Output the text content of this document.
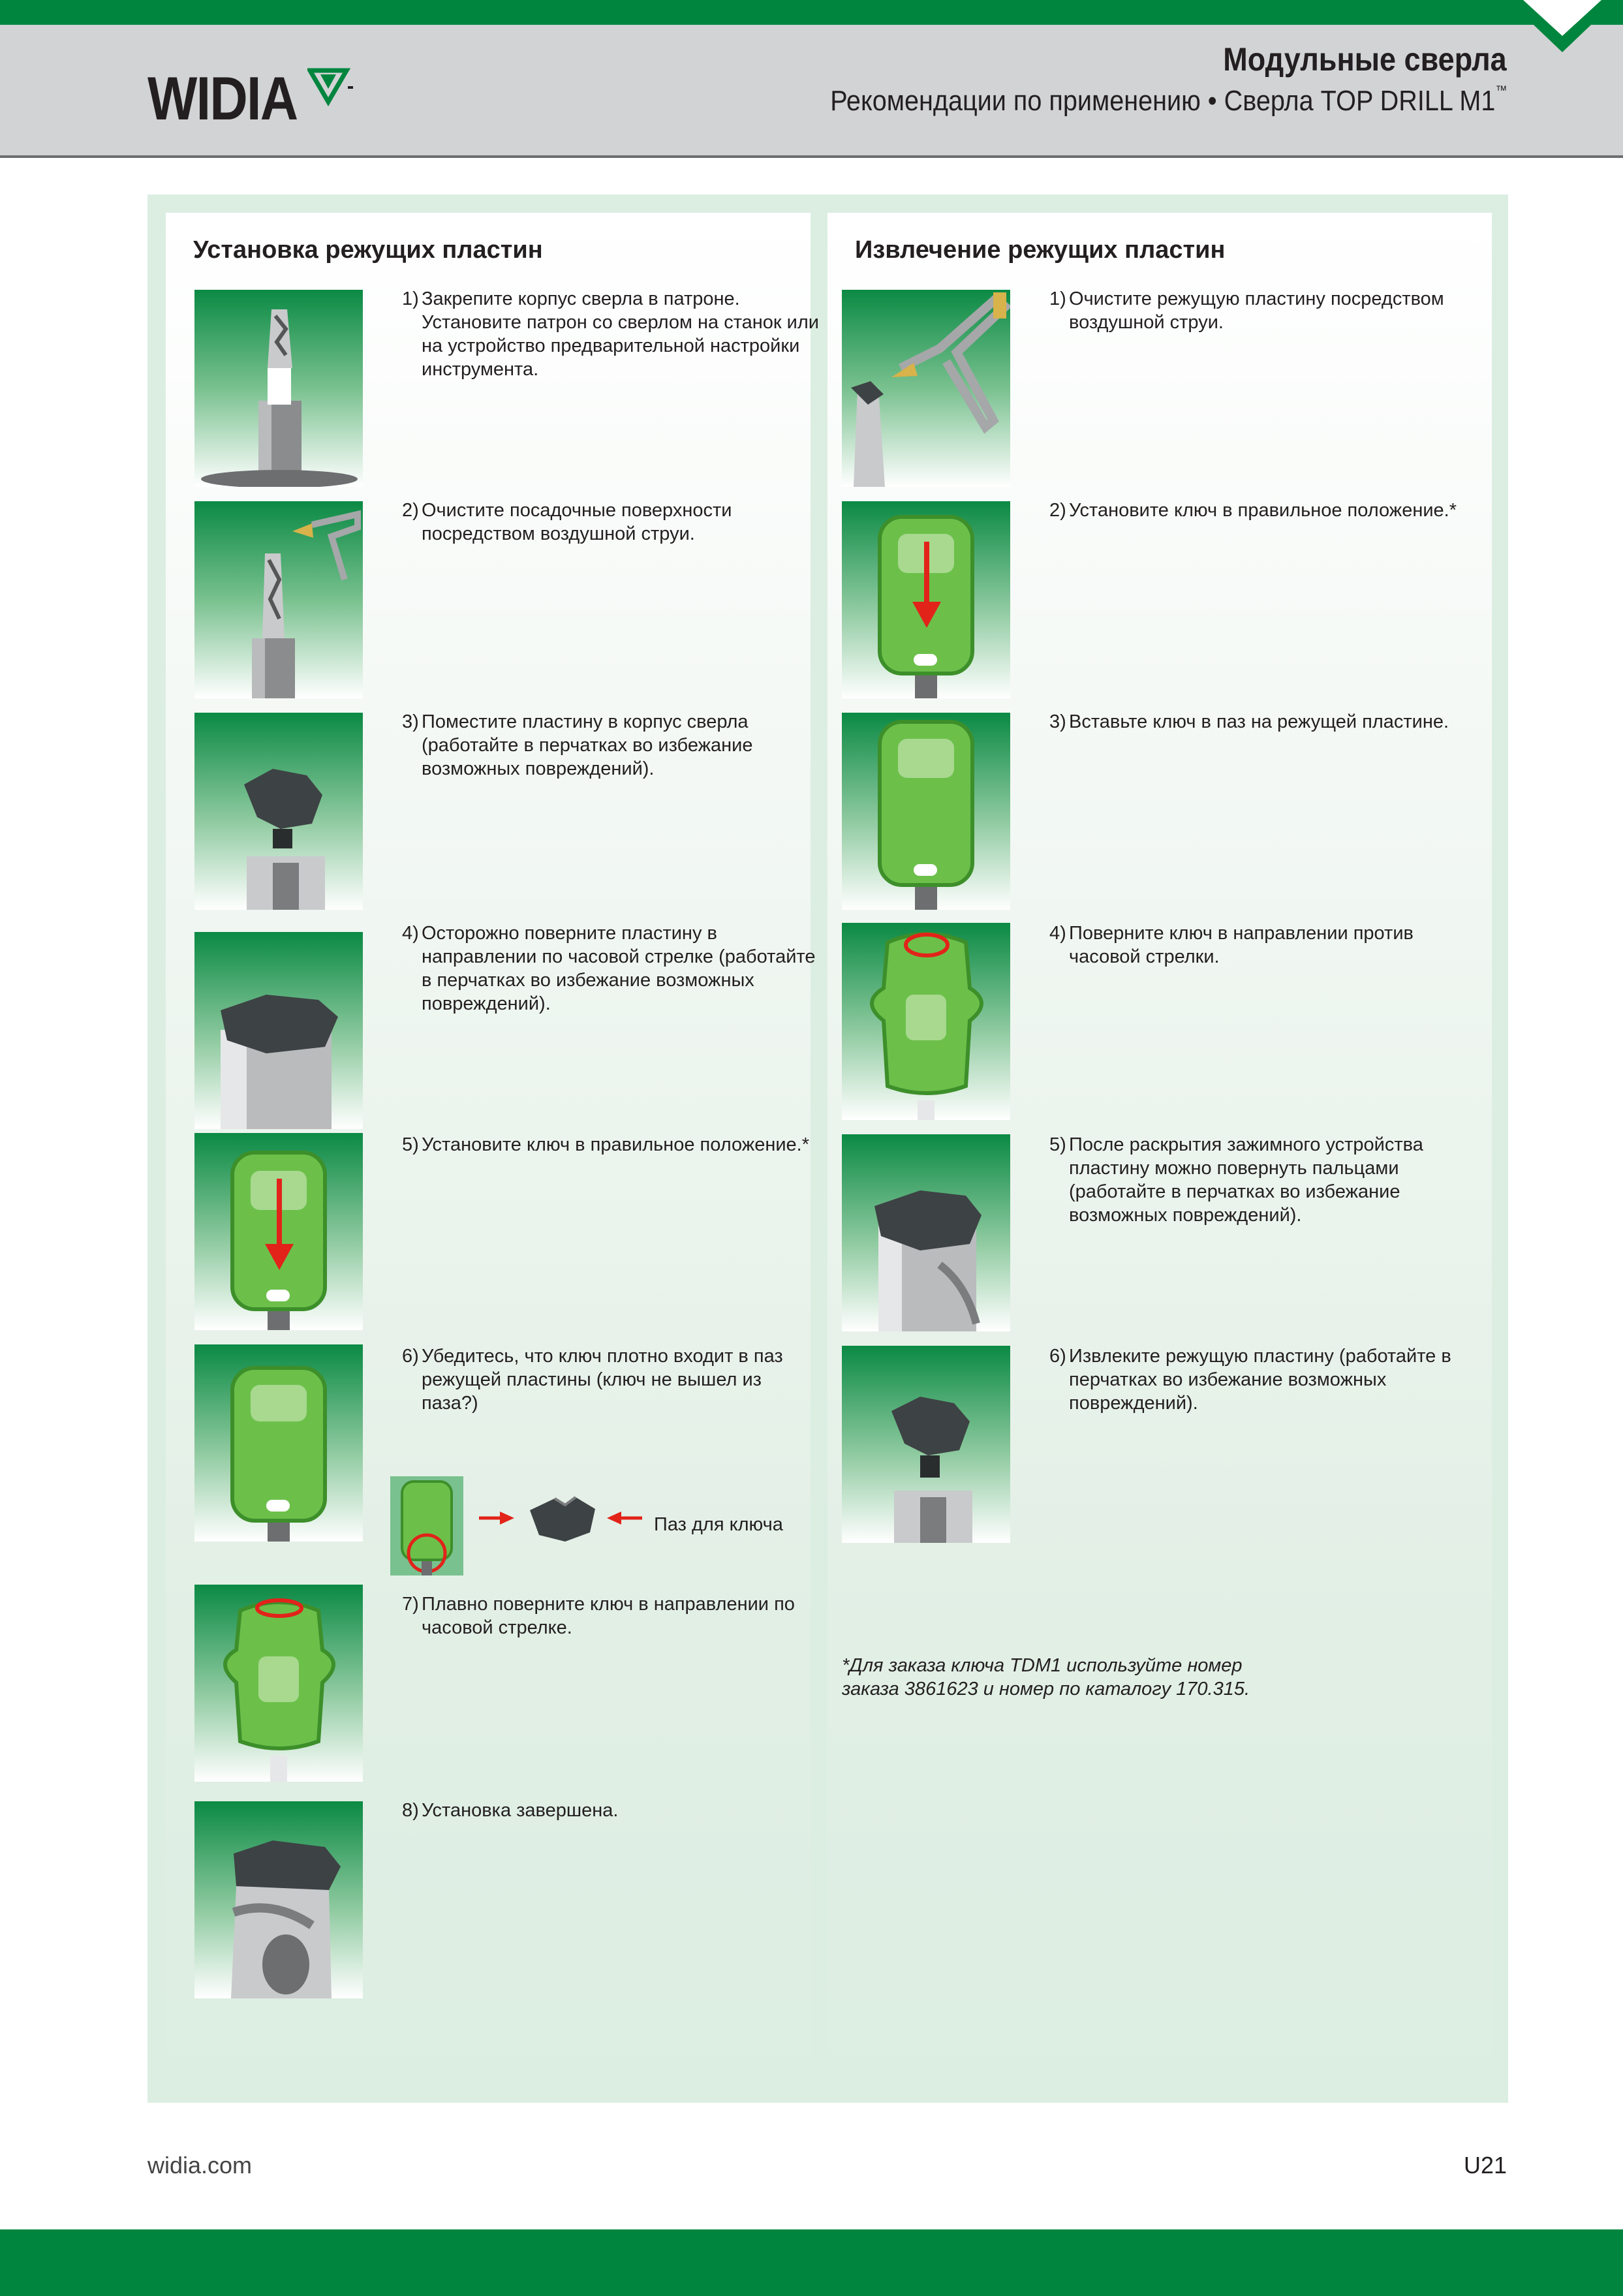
WIDIA
Модульные сверла
Рекомендации по применению • Сверла TOP DRILL M1™
Установка режущих пластин	Извлечение режущих пластин
1) Закрепите корпус сверла в патроне. Установите патрон со сверлом на станок или на устройство предварительной настройки инструмента.
2) Очистите посадочные поверхности посредством воздушной струи.
3) Поместите пластину в корпус сверла (работайте в перчатках во избежание возможных повреждений).
4) Осторожно поверните пластину в направлении по часовой стрелке (работайте в перчатках во избежание возможных повреждений).
5) Установите ключ в правильное положение.*
6) Убедитесь, что ключ плотно входит в паз режущей пластины (ключ не вышел из паза?)
Паз для ключа
7) Плавно поверните ключ в направлении по часовой стрелке.
8) Установка завершена.
1) Очистите режущую пластину посредством воздушной струи.
2) Установите ключ в правильное положение.*
3) Вставьте ключ в паз на режущей пластине.
4) Поверните ключ в направлении против часовой стрелки.
5) После раскрытия зажимного устройства пластину можно повернуть пальцами (работайте в перчатках во избежание возможных повреждений).
6) Извлеките режущую пластину (работайте в перчатках во избежание возможных повреждений).
*Для заказа ключа TDM1 используйте номер заказа 3861623 и номер по каталогу 170.315.
widia.com	U21
